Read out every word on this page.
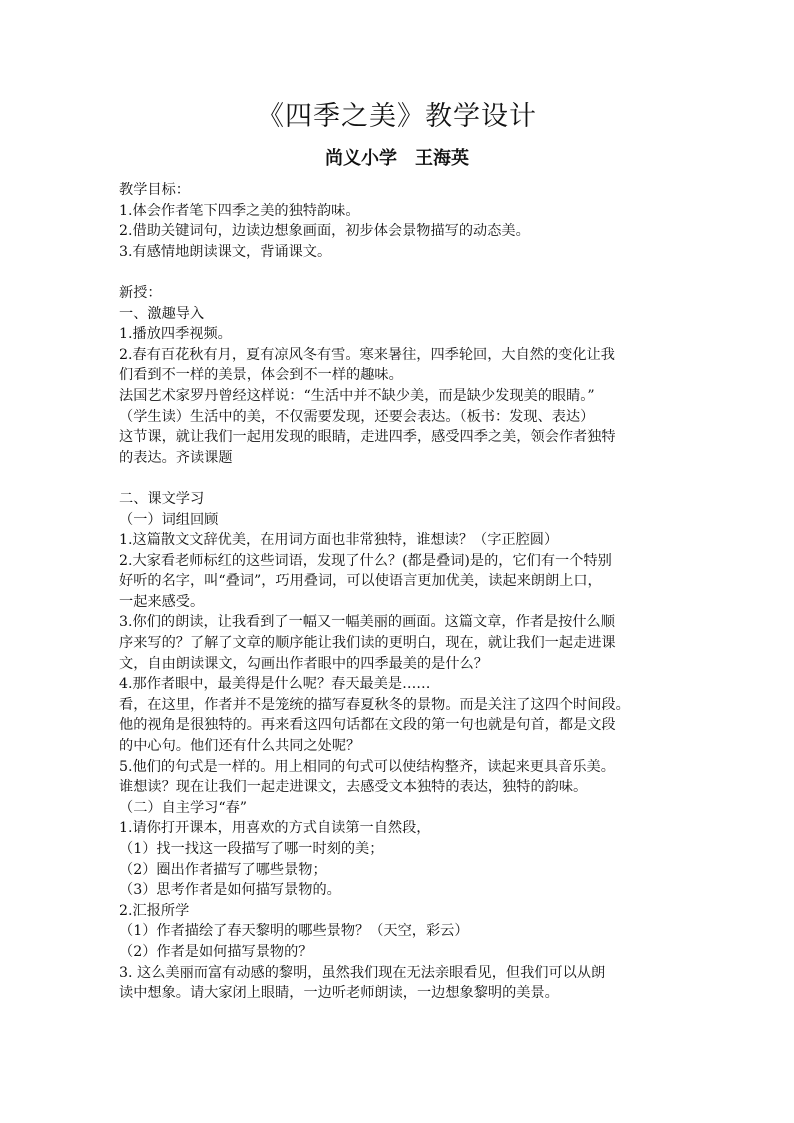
《四季之美》教学设计
尚义小学　王海英
教学目标：
1.体会作者笔下四季之美的独特韵味。
2.借助关键词句，边读边想象画面，初步体会景物描写的动态美。
3.有感情地朗读课文，背诵课文。
新授：
一、激趣导入
1.播放四季视频。
2.春有百花秋有月，夏有凉风冬有雪。寒来暑往，四季轮回，大自然的变化让我
们看到不一样的美景，体会到不一样的趣味。
法国艺术家罗丹曾经这样说：“生活中并不缺少美，而是缺少发现美的眼睛。”
（学生读）生活中的美，不仅需要发现，还要会表达。（板书：发现、表达）
这节课，就让我们一起用发现的眼睛，走进四季，感受四季之美，领会作者独特
的表达。齐读课题
二、课文学习
（一）词组回顾
1.这篇散文文辞优美，在用词方面也非常独特，谁想读？（字正腔圆）
2.大家看老师标红的这些词语，发现了什么？(都是叠词)是的，它们有一个特别
好听的名字，叫“叠词”，巧用叠词，可以使语言更加优美，读起来朗朗上口，
一起来感受。
3.你们的朗读，让我看到了一幅又一幅美丽的画面。这篇文章，作者是按什么顺
序来写的？了解了文章的顺序能让我们读的更明白，现在，就让我们一起走进课
文，自由朗读课文，勾画出作者眼中的四季最美的是什么？
4.那作者眼中，最美得是什么呢？春天最美是……
看，在这里，作者并不是笼统的描写春夏秋冬的景物。而是关注了这四个时间段。
他的视角是很独特的。再来看这四句话都在文段的第一句也就是句首，都是文段
的中心句。他们还有什么共同之处呢？
5.他们的句式是一样的。用上相同的句式可以使结构整齐，读起来更具音乐美。
谁想读？现在让我们一起走进课文，去感受文本独特的表达，独特的韵味。
（二）自主学习“春”
1.请你打开课本，用喜欢的方式自读第一自然段，
（1）找一找这一段描写了哪一时刻的美；
（2）圈出作者描写了哪些景物；
（3）思考作者是如何描写景物的。
2.汇报所学
（1）作者描绘了春天黎明的哪些景物？（天空，彩云）
（2）作者是如何描写景物的？
3. 这么美丽而富有动感的黎明，虽然我们现在无法亲眼看见，但我们可以从朗
读中想象。请大家闭上眼睛，一边听老师朗读，一边想象黎明的美景。
